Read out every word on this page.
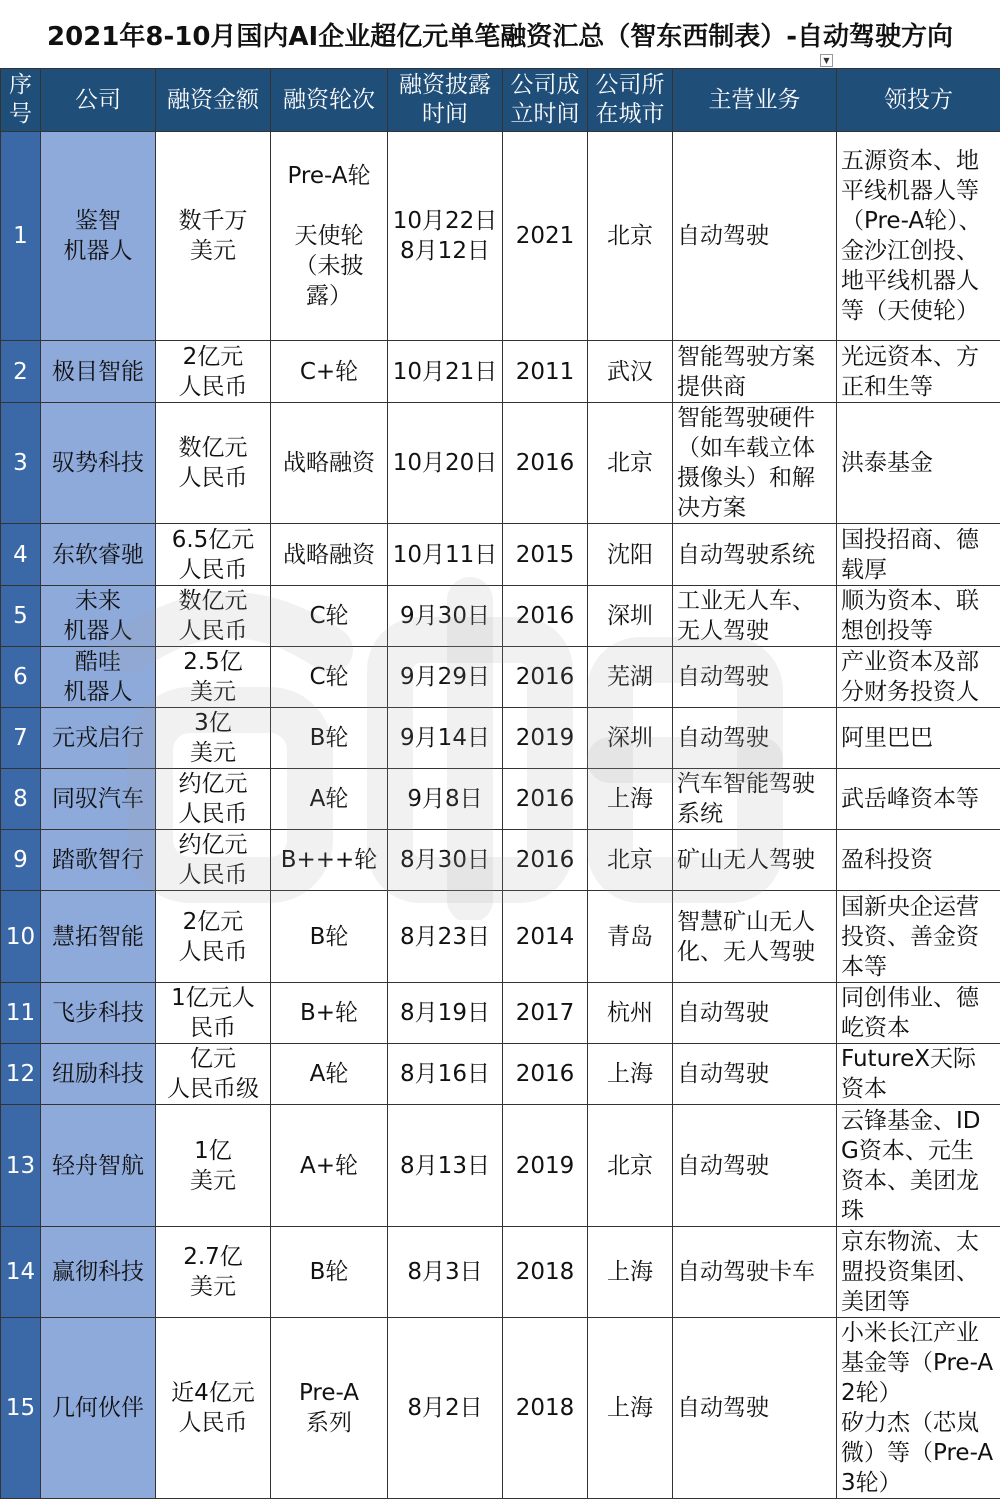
2021年8-10月国内AI企业超亿元单笔融资汇总（智东西制表）-自动驾驶方向
▼
序号	公司	融资金额	融资轮次	融资披露时间	公司成立时间	公司所在城市	主营业务	领投方
1	鉴智
机器人	数千万
美元	Pre-A轮

天使轮
（未披
露）	10月22日
8月12日	2021	北京	自动驾驶	五源资本、地平线机器人等（Pre-A轮）、金沙江创投、地平线机器人等（天使轮）
2	极目智能	2亿元
人民币	C+轮	10月21日	2011	武汉	智能驾驶方案提供商	光远资本、方正和生等
3	驭势科技	数亿元
人民币	战略融资	10月20日	2016	北京	智能驾驶硬件（如车载立体摄像头）和解决方案	洪泰基金
4	东软睿驰	6.5亿元
人民币	战略融资	10月11日	2015	沈阳	自动驾驶系统	国投招商、德载厚
5	未来
机器人	数亿元
人民币	C轮	9月30日	2016	深圳	工业无人车、无人驾驶	顺为资本、联想创投等
6	酷哇
机器人	2.5亿
美元	C轮	9月29日	2016	芜湖	自动驾驶	产业资本及部分财务投资人
7	元戎启行	3亿
美元	B轮	9月14日	2019	深圳	自动驾驶	阿里巴巴
8	同驭汽车	约亿元
人民币	A轮	9月8日	2016	上海	汽车智能驾驶系统	武岳峰资本等
9	踏歌智行	约亿元
人民币	B+++轮	8月30日	2016	北京	矿山无人驾驶	盈科投资
10	慧拓智能	2亿元
人民币	B轮	8月23日	2014	青岛	智慧矿山无人化、无人驾驶	国新央企运营投资、善金资本等
11	飞步科技	1亿元人
民币	B+轮	8月19日	2017	杭州	自动驾驶	同创伟业、德屹资本
12	纽励科技	亿元
人民币级	A轮	8月16日	2016	上海	自动驾驶	FutureX天际资本
13	轻舟智航	1亿
美元	A+轮	8月13日	2019	北京	自动驾驶	云锋基金、IDG资本、元生资本、美团龙珠
14	赢彻科技	2.7亿
美元	B轮	8月3日	2018	上海	自动驾驶卡车	京东物流、太盟投资集团、美团等
15	几何伙伴	近4亿元
人民币	Pre-A
系列	8月2日	2018	上海	自动驾驶	小米长江产业基金等（Pre-A2轮）
矽力杰（芯岚微）等（Pre-A3轮）
